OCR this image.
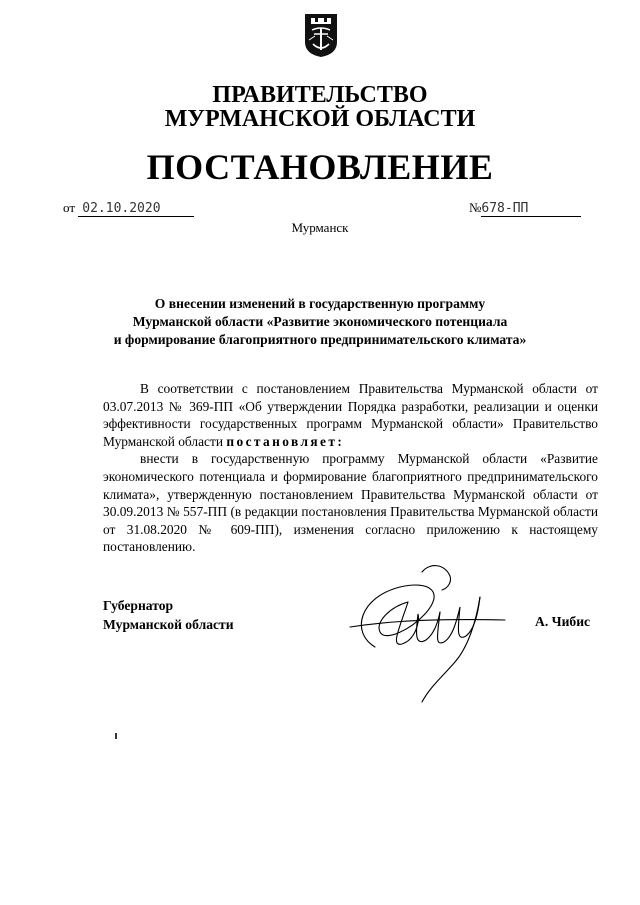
ПРАВИТЕЛЬСТВО
МУРМАНСКОЙ ОБЛАСТИ
ПОСТАНОВЛЕНИЕ
от 02.10.2020	№678-ПП
Мурманск
О внесении изменений в государственную программу
Мурманской области «Развитие экономического потенциала
и формирование благоприятного предпринимательского климата»

В соответствии с постановлением Правительства Мурманской области от 03.07.2013 № 369-ПП «Об утверждении Порядка разработки, реализации и оценки эффективности государственных программ Мурманской области» Правительство Мурманской области постановляет:

внести в государственную программу Мурманской области «Развитие экономического потенциала и формирование благоприятного предпринимательского климата», утвержденную постановлением Правительства Мурманской области от 30.09.2013 № 557-ПП (в редакции постановления Правительства Мурманской области от 31.08.2020 № 609-ПП), изменения согласно приложению к настоящему постановлению.

Губернатор
Мурманской области	А. Чибис
